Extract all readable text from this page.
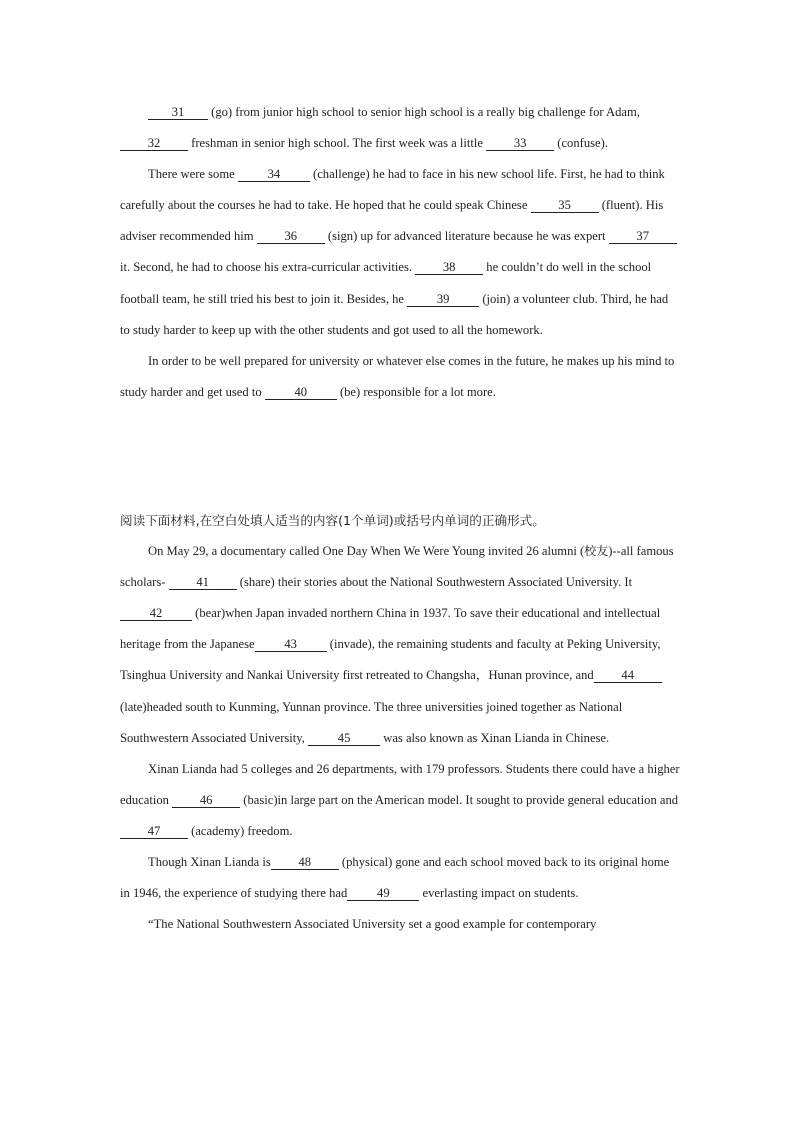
31 (go) from junior high school to senior high school is a really big challenge for Adam, 32 freshman in senior high school. The first week was a little 33 (confuse).

There were some 34 (challenge) he had to face in his new school life. First, he had to think carefully about the courses he had to take. He hoped that he could speak Chinese 35 (fluent). His adviser recommended him 36 (sign) up for advanced literature because he was expert 37 it. Second, he had to choose his extra-curricular activities. 38 he couldn’t do well in the school football team, he still tried his best to join it. Besides, he 39 (join) a volunteer club. Third, he had to study harder to keep up with the other students and got used to all the homework.

In order to be well prepared for university or whatever else comes in the future, he makes up his mind to study harder and get used to 40 (be) responsible for a lot more.

阅读下面材料,在空白处填人适当的内容(1个单词)或括号内单词的正确形式。

On May 29, a documentary called One Day When We Were Young invited 26 alumni (校友)--all famous scholars- 41 (share) their stories about the National Southwestern Associated University. It42 (bear)when Japan invaded northern China in 1937. To save their educational and intellectual heritage from the Japanese 43 (invade), the remaining students and faculty at Peking University, Tsinghua University and Nankai University first retreated to Changsha，Hunan province, and 44 (late)headed south to Kunming, Yunnan province. The three universities joined together as National Southwestern Associated University, 45 was also known as Xinan Lianda in Chinese.

Xinan Lianda had 5 colleges and 26 departments, with 179 professors. Students there could have a higher education 46 (basic)in large part on the American model. It sought to provide general education and 47 (academy) freedom.

Though Xinan Lianda is 48 (physical) gone and each school moved back to its original home in 1946, the experience of studying there had 49 everlasting impact on students.

“The National Southwestern Associated University set a good example for contemporary
